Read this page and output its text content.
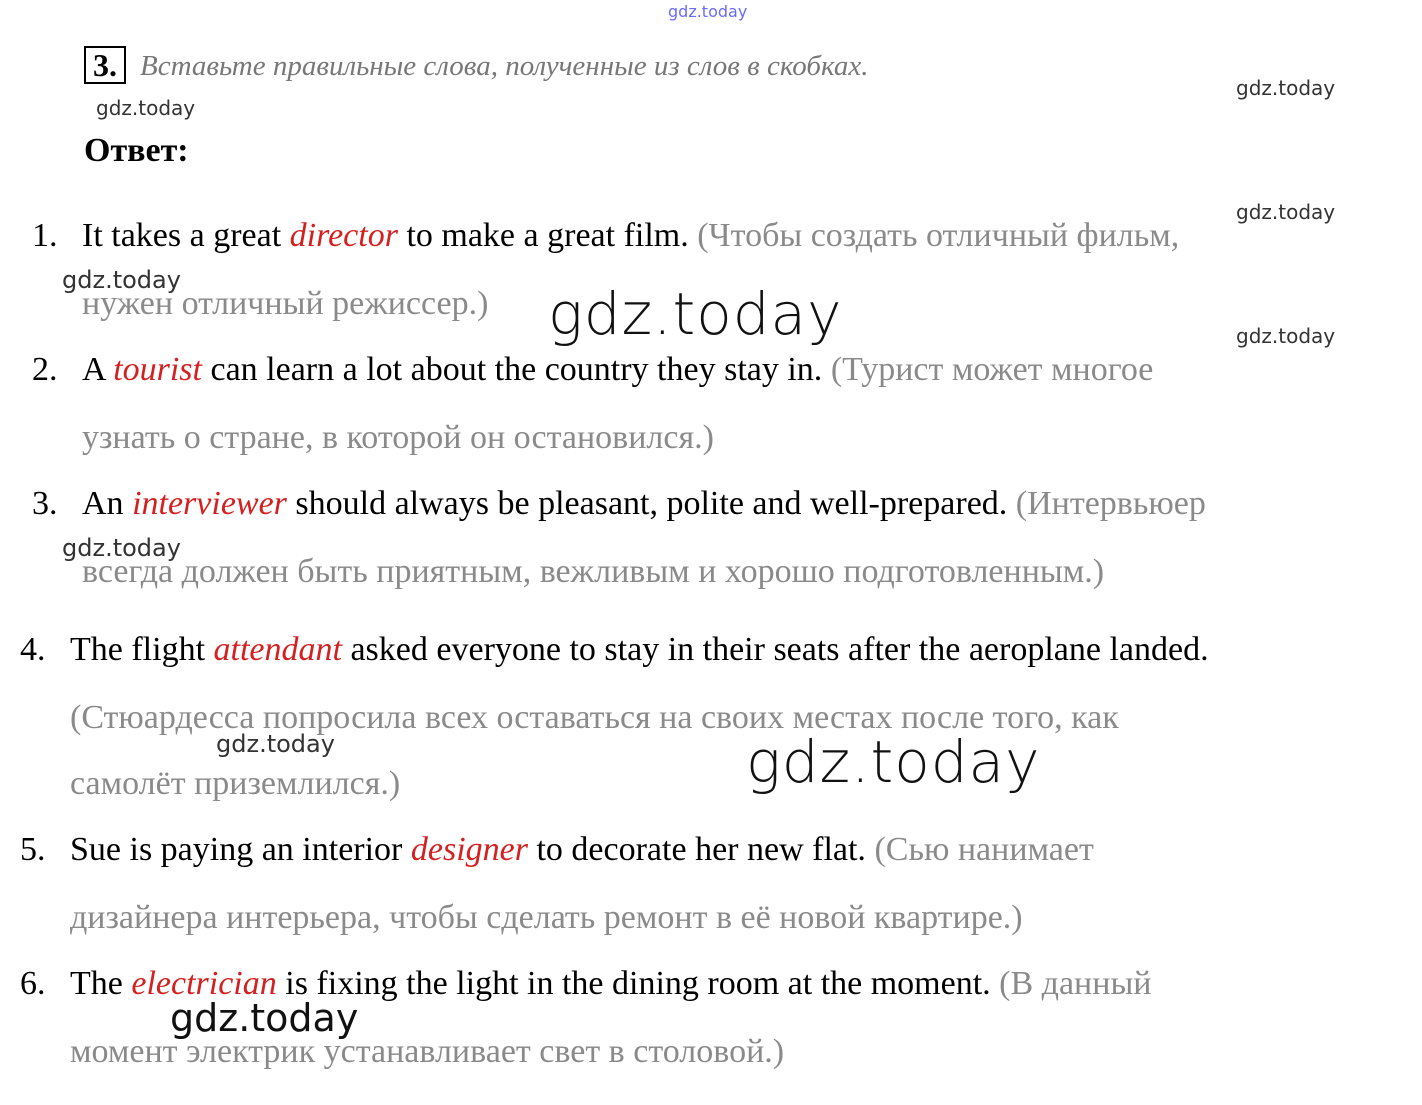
gdz.today
gdz.today
gdz.today
gdz.today
gdz.today
gdz.today
gdz.today
gdz.today
3. Вставьте правильные слова, полученные из слов в скобках.
Ответ:
1. It takes a great director to make a great film. (Чтобы создать отличный фильм,
нужен отличный режиссер.)
2. A tourist can learn a lot about the country they stay in. (Турист может многое
узнать о стране, в которой он остановился.)
3. An interviewer should always be pleasant, polite and well-prepared. (Интервьюер
всегда должен быть приятным, вежливым и хорошо подготовленным.)
4. The flight attendant asked everyone to stay in their seats after the aeroplane landed.
(Стюардесса попросила всех оставаться на своих местах после того, как
самолёт приземлился.)
5. Sue is paying an interior designer to decorate her new flat. (Сью нанимает
дизайнера интерьера, чтобы сделать ремонт в её новой квартире.)
6. The electrician is fixing the light in the dining room at the moment. (В данный
момент электрик устанавливает свет в столовой.)
gdz.today
gdz.today
gdz.today
